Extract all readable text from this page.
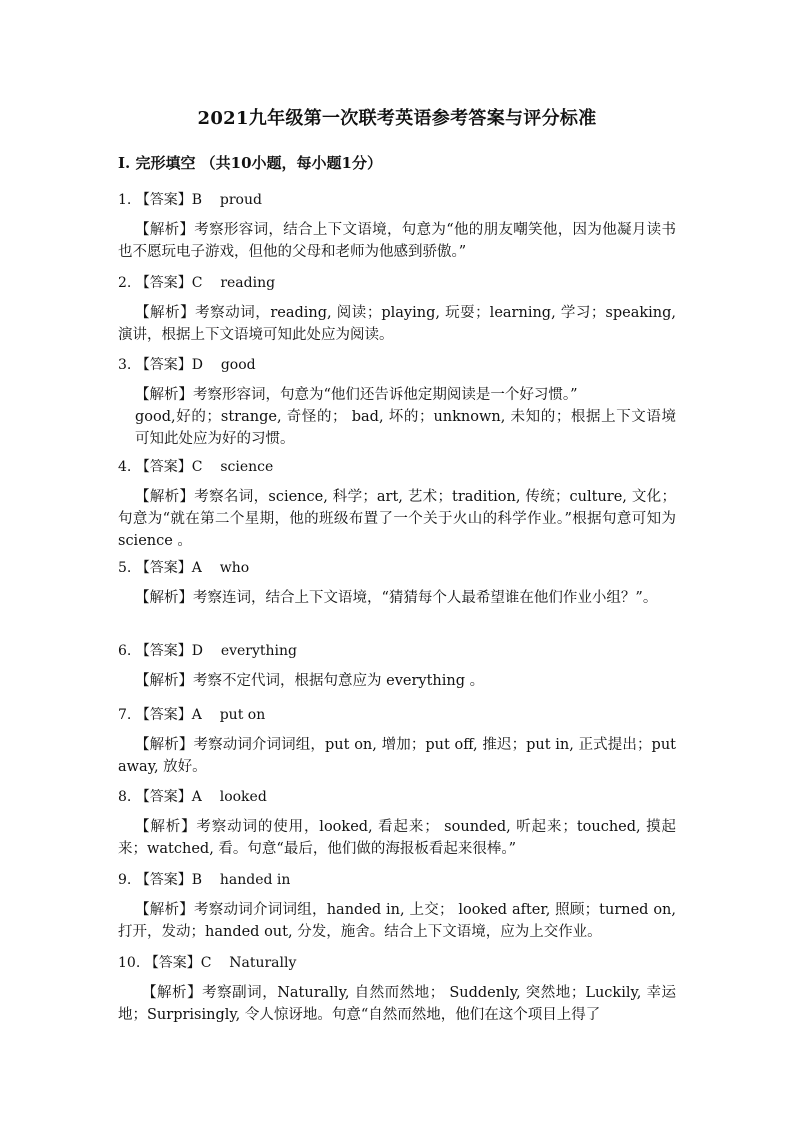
2021九年级第一次联考英语参考答案与评分标准
I. 完形填空 （共10小题，每小题1分）
1. 【答案】B    proud
【解析】考察形容词，结合上下文语境，句意为“他的朋友嘲笑他，因为他凝月读书也不愿玩电子游戏，但他的父母和老师为他感到骄傲。”
2. 【答案】C    reading
【解析】考察动词，reading, 阅读；playing, 玩耍；learning, 学习；speaking, 演讲，根据上下文语境可知此处应为阅读。
3. 【答案】D    good
【解析】考察形容词，句意为“他们还告诉他定期阅读是一个好习惯。”
good,好的；strange, 奇怪的； bad, 坏的；unknown, 未知的；根据上下文语境可知此处应为好的习惯。
4. 【答案】C    science
【解析】考察名词，science, 科学；art, 艺术；tradition, 传统；culture, 文化；句意为“就在第二个星期，他的班级布置了一个关于火山的科学作业。”根据句意可知为 science 。
5. 【答案】A    who
【解析】考察连词，结合上下文语境，“猜猜每个人最希望谁在他们作业小组？”。
6. 【答案】D    everything
【解析】考察不定代词，根据句意应为 everything 。
7. 【答案】A    put on
【解析】考察动词介词词组，put on, 增加；put off, 推迟；put in, 正式提出；put away, 放好。
8. 【答案】A    looked
【解析】考察动词的使用，looked, 看起来； sounded, 听起来；touched, 摸起来；watched, 看。句意“最后，他们做的海报板看起来很棒。”
9. 【答案】B    handed in
【解析】考察动词介词词组，handed in, 上交； looked after, 照顾；turned on, 打开，发动；handed out, 分发，施舍。结合上下文语境，应为上交作业。
10. 【答案】C    Naturally
【解析】考察副词，Naturally, 自然而然地； Suddenly, 突然地；Luckily, 幸运地；Surprisingly, 令人惊讶地。句意“自然而然地，他们在这个项目上得了
